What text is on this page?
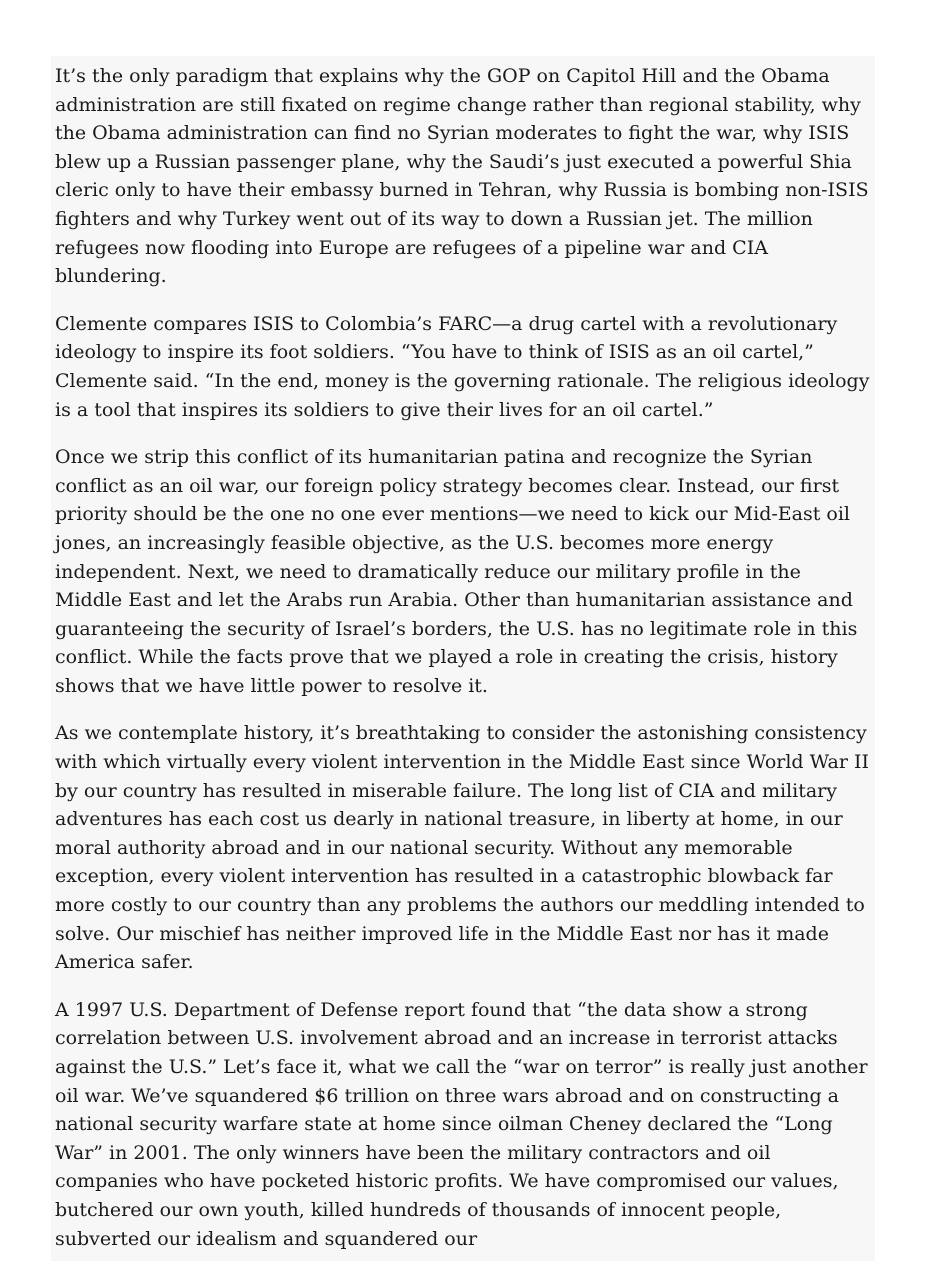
It’s the only paradigm that explains why the GOP on Capitol Hill and the Obama administration are still fixated on regime change rather than regional stability, why the Obama administration can find no Syrian moderates to fight the war, why ISIS blew up a Russian passenger plane, why the Saudi’s just executed a powerful Shia cleric only to have their embassy burned in Tehran, why Russia is bombing non-ISIS fighters and why Turkey went out of its way to down a Russian jet. The million refugees now flooding into Europe are refugees of a pipeline war and CIA blundering.

Clemente compares ISIS to Colombia’s FARC—a drug cartel with a revolutionary ideology to inspire its foot soldiers. “You have to think of ISIS as an oil cartel,” Clemente said. “In the end, money is the governing rationale. The religious ideology is a tool that inspires its soldiers to give their lives for an oil cartel.”

Once we strip this conflict of its humanitarian patina and recognize the Syrian conflict as an oil war, our foreign policy strategy becomes clear. Instead, our first priority should be the one no one ever mentions—we need to kick our Mid-East oil jones, an increasingly feasible objective, as the U.S. becomes more energy independent. Next, we need to dramatically reduce our military profile in the Middle East and let the Arabs run Arabia. Other than humanitarian assistance and guaranteeing the security of Israel’s borders, the U.S. has no legitimate role in this conflict. While the facts prove that we played a role in creating the crisis, history shows that we have little power to resolve it.

As we contemplate history, it’s breathtaking to consider the astonishing consistency with which virtually every violent intervention in the Middle East since World War II by our country has resulted in miserable failure. The long list of CIA and military adventures has each cost us dearly in national treasure, in liberty at home, in our moral authority abroad and in our national security. Without any memorable exception, every violent intervention has resulted in a catastrophic blowback far more costly to our country than any problems the authors our meddling intended to solve. Our mischief has neither improved life in the Middle East nor has it made America safer.

A 1997 U.S. Department of Defense report found that “the data show a strong correlation between U.S. involvement abroad and an increase in terrorist attacks against the U.S.” Let’s face it, what we call the “war on terror” is really just another oil war. We’ve squandered $6 trillion on three wars abroad and on constructing a national security warfare state at home since oilman Cheney declared the “Long War” in 2001. The only winners have been the military contractors and oil companies who have pocketed historic profits. We have compromised our values, butchered our own youth, killed hundreds of thousands of innocent people, subverted our idealism and squandered our
